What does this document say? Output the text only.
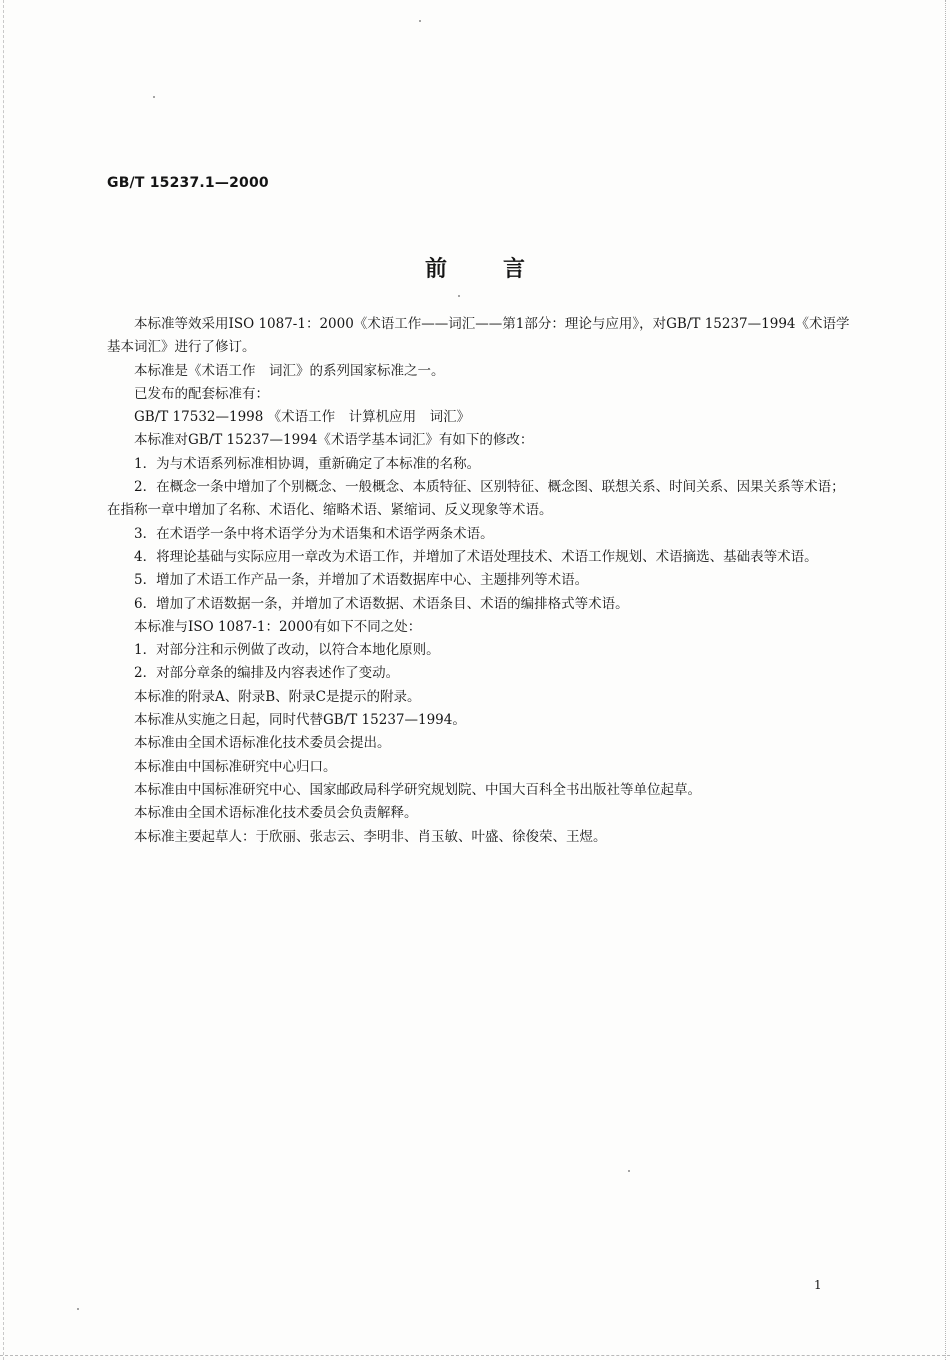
GB/T 15237.1—2000
前言

本标准等效采用ISO 1087-1：2000《术语工作——词汇——第1部分：理论与应用》，对GB/T 15237—1994《术语学基本词汇》进行了修订。

本标准是《术语工作　词汇》的系列国家标准之一。

已发布的配套标准有：

GB/T 17532—1998 《术语工作　计算机应用　词汇》

本标准对GB/T 15237—1994《术语学基本词汇》有如下的修改：

1．为与术语系列标准相协调，重新确定了本标准的名称。

2．在概念一条中增加了个别概念、一般概念、本质特征、区别特征、概念图、联想关系、时间关系、因果关系等术语；在指称一章中增加了名称、术语化、缩略术语、紧缩词、反义现象等术语。

3．在术语学一条中将术语学分为术语集和术语学两条术语。

4．将理论基础与实际应用一章改为术语工作，并增加了术语处理技术、术语工作规划、术语摘选、基础表等术语。

5．增加了术语工作产品一条，并增加了术语数据库中心、主题排列等术语。

6．增加了术语数据一条，并增加了术语数据、术语条目、术语的编排格式等术语。

本标准与ISO 1087-1：2000有如下不同之处：

1．对部分注和示例做了改动，以符合本地化原则。

2．对部分章条的编排及内容表述作了变动。

本标准的附录A、附录B、附录C是提示的附录。

本标准从实施之日起，同时代替GB/T 15237—1994。

本标准由全国术语标准化技术委员会提出。

本标准由中国标准研究中心归口。

本标准由中国标准研究中心、国家邮政局科学研究规划院、中国大百科全书出版社等单位起草。

本标准由全国术语标准化技术委员会负责解释。

本标准主要起草人：于欣丽、张志云、李明非、肖玉敏、叶盛、徐俊荣、王煜。

1
